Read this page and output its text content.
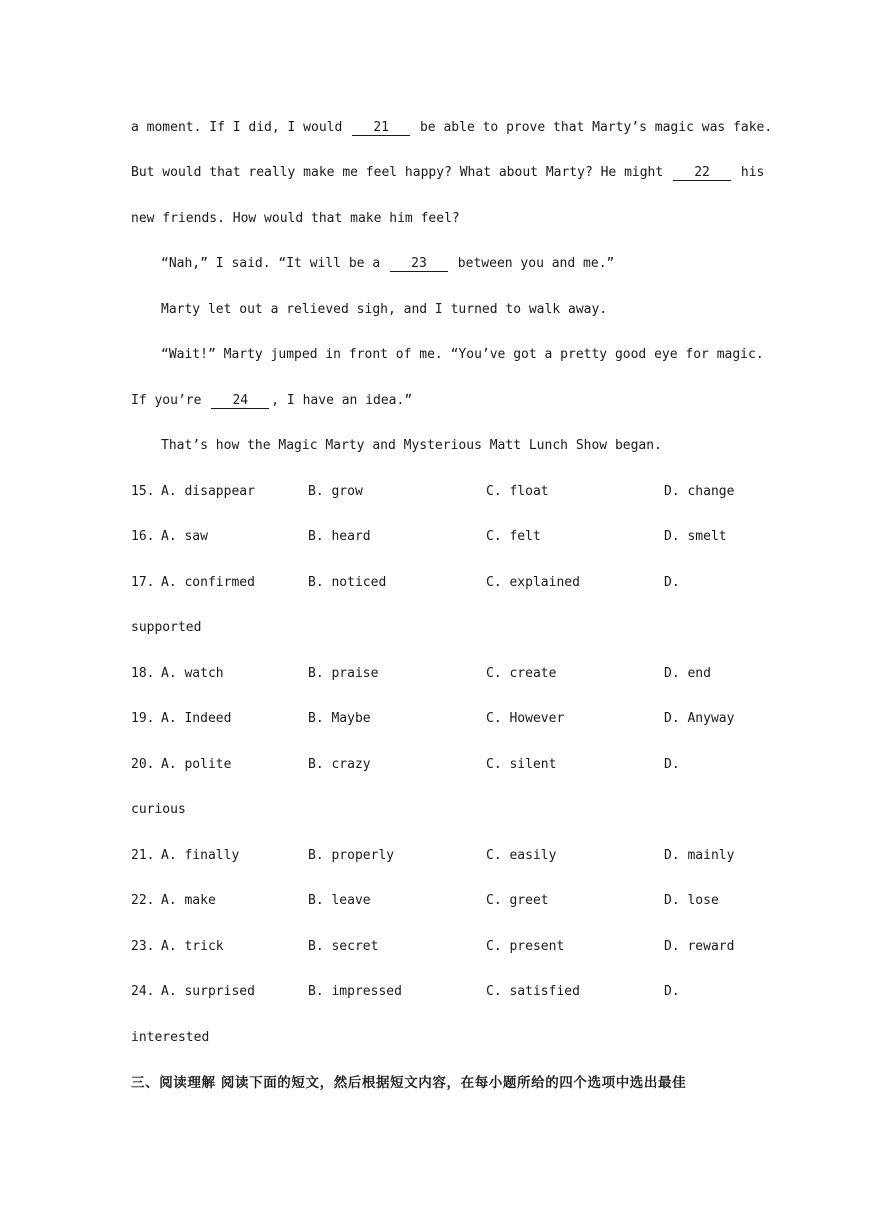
a moment. If I did, I would 21 be able to prove that Marty’s magic was fake.
But would that really make me feel happy? What about Marty? He might 22 his
new friends. How would that make him feel?
“Nah,” I said. “It will be a 23 between you and me.”
Marty let out a relieved sigh, and I turned to walk away.
“Wait!” Marty jumped in front of me. “You’ve got a pretty good eye for magic.
If you’re 24 , I have an idea.”
That’s how the Magic Marty and Mysterious Matt Lunch Show began.
15. A. disappear	B. grow	C. float	D. change
16. A. saw	B. heard	C. felt	D. smelt
17. A. confirmed	B. noticed	C. explained	D.
supported
18. A. watch	B. praise	C. create	D. end
19. A. Indeed	B. Maybe	C. However	D. Anyway
20. A. polite	B. crazy	C. silent	D.
curious
21. A. finally	B. properly	C. easily	D. mainly
22. A. make	B. leave	C. greet	D. lose
23. A. trick	B. secret	C. present	D. reward
24. A. surprised	B. impressed	C. satisfied	D.
interested
三、阅读理解 阅读下面的短文，然后根据短文内容，在每小题所给的四个选项中选出最佳
